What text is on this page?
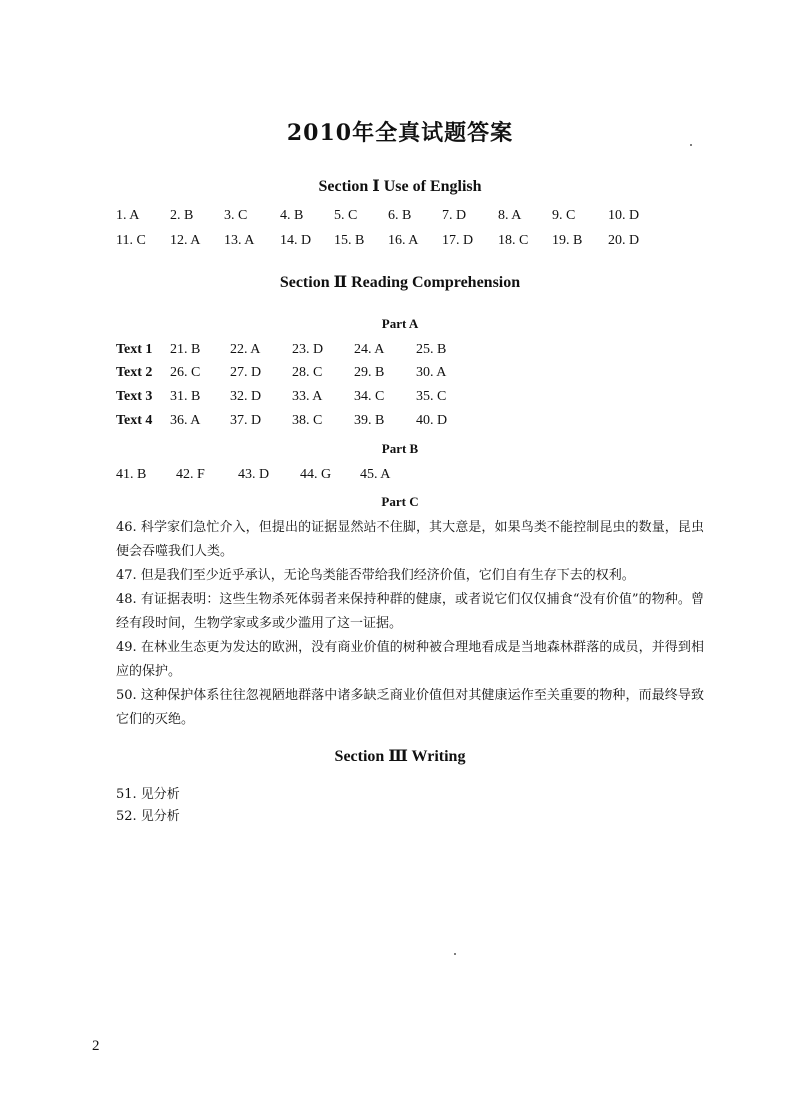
2010年全真试题答案
Section Ⅰ Use of English
1. A 2. B 3. C 4. B 5. C 6. B 7. D 8. A 9. C 10. D
11. C 12. A 13. A 14. D 15. B 16. A 17. D 18. C 19. B 20. D
Section Ⅱ Reading Comprehension
Part A
Text 1 21. B 22. A 23. D 24. A 25. B
Text 2 26. C 27. D 28. C 29. B 30. A
Text 3 31. B 32. D 33. A 34. C 35. C
Text 4 36. A 37. D 38. C 39. B 40. D
Part B
41. B 42. F 43. D 44. G 45. A
Part C
46. 科学家们急忙介入，但提出的证据显然站不住脚，其大意是，如果鸟类不能控制昆虫的数量，昆虫便会吞噬我们人类。
47. 但是我们至少近乎承认，无论鸟类能否带给我们经济价值，它们自有生存下去的权利。
48. 有证据表明：这些生物杀死体弱者来保持种群的健康，或者说它们仅仅捕食“没有价值”的物种。曾经有段时间，生物学家或多或少滥用了这一证据。
49. 在林业生态更为发达的欧洲，没有商业价值的树种被合理地看成是当地森林群落的成员，并得到相应的保护。
50. 这种保护体系往往忽视陋地群落中诸多缺乏商业价值但对其健康运作至关重要的物种，而最终导致它们的灭绝。
Section Ⅲ Writing
51. 见分析
52. 见分析
2
